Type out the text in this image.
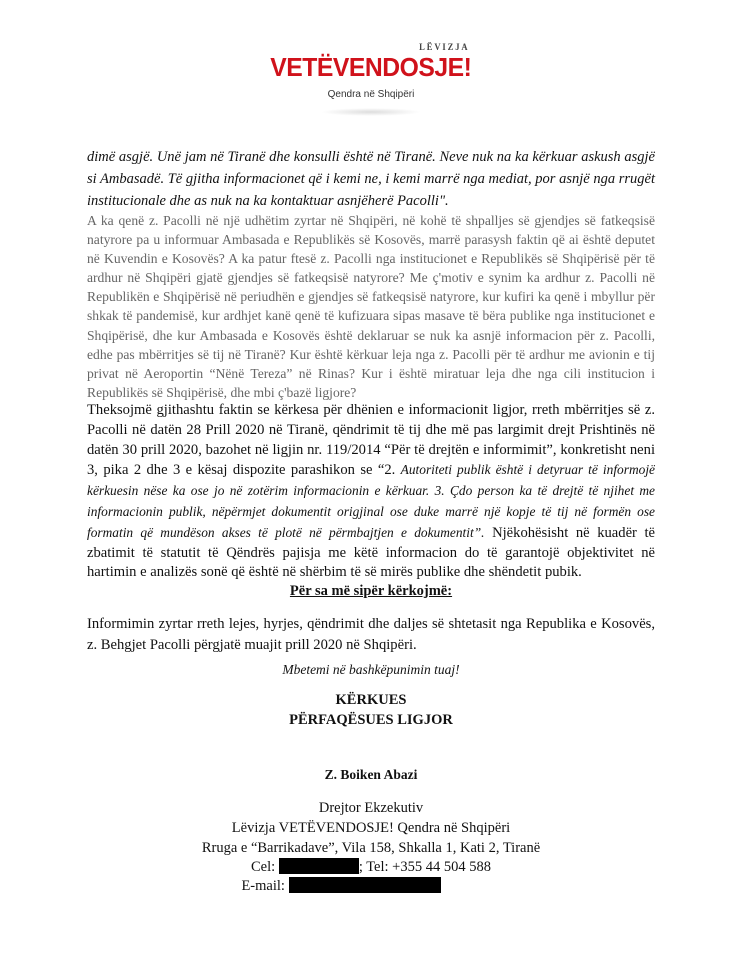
LËVIZJA
VETËVENDOSJE!
Qendra në Shqipëri
dimë asgjë. Unë jam në Tiranë dhe konsulli është në Tiranë. Neve nuk na ka kërkuar askush asgjë si Ambasadë. Të gjitha informacionet që i kemi ne, i kemi marrë nga mediat, por asnjë nga rrugët institucionale dhe as nuk na ka kontaktuar asnjëherë Pacolli".
A ka qenë z. Pacolli në një udhëtim zyrtar në Shqipëri, në kohë të shpalljes së gjendjes së fatkeqsisë natyrore pa u informuar Ambasada e Republikës së Kosovës, marrë parasysh faktin që ai është deputet në Kuvendin e Kosovës? A ka patur ftesë z. Pacolli nga institucionet e Republikës së Shqipërisë për të ardhur në Shqipëri gjatë gjendjes së fatkeqsisë natyrore? Me ç'motiv e synim ka ardhur z. Pacolli në Republikën e Shqipërisë në periudhën e gjendjes së fatkeqsisë natyrore, kur kufiri ka qenë i mbyllur për shkak të pandemisë, kur ardhjet kanë qenë të kufizuara sipas masave të bëra publike nga institucionet e Shqipërisë, dhe kur Ambasada e Kosovës është deklaruar se nuk ka asnjë informacion për z. Pacolli, edhe pas mbërritjes së tij në Tiranë? Kur është kërkuar leja nga z. Pacolli për të ardhur me avionin e tij privat në Aeroportin “Nënë Tereza” në Rinas? Kur i është miratuar leja dhe nga cili institucion i Republikës së Shqipërisë, dhe mbi ç'bazë ligjore?
Theksojmë gjithashtu faktin se kërkesa për dhënien e informacionit ligjor, rreth mbërritjes së z. Pacolli në datën 28 Prill 2020 në Tiranë, qëndrimit të tij dhe më pas largimit drejt Prishtinës në datën 30 prill 2020, bazohet në ligjin nr. 119/2014 “Për të drejtën e informimit”, konkretisht neni 3, pika 2 dhe 3 e kësaj dispozite parashikon se “2. Autoriteti publik është i detyruar të informojë kërkuesin nëse ka ose jo në zotërim informacionin e kërkuar. 3. Çdo person ka të drejtë të njihet me informacionin publik, nëpërmjet dokumentit origjinal ose duke marrë një kopje të tij në formën ose formatin që mundëson akses të plotë në përmbajtjen e dokumentit”. Njëkohësisht në kuadër të zbatimit të statutit të Qëndrës pajisja me këtë informacion do të garantojë objektivitet në hartimin e analizës sonë që është në shërbim të së mirës publike dhe shëndetit pubik.
Për sa më sipër kërkojmë:
Informimin zyrtar rreth lejes, hyrjes, qëndrimit dhe daljes së shtetasit nga Republika e Kosovës, z. Behgjet Pacolli përgjatë muajit prill 2020 në Shqipëri.
Mbetemi në bashkëpunimin tuaj!
KËRKUES
PËRFAQËSUES LIGJOR
Z. Boiken Abazi
Drejtor Ekzekutiv
Lëvizja VETËVENDOSJE! Qendra në Shqipëri
Rruga e “Barrikadave”, Vila 158, Shkalla 1, Kati 2, Tiranë
Cel:	; Tel: +355 44 504 588
E-mail:
